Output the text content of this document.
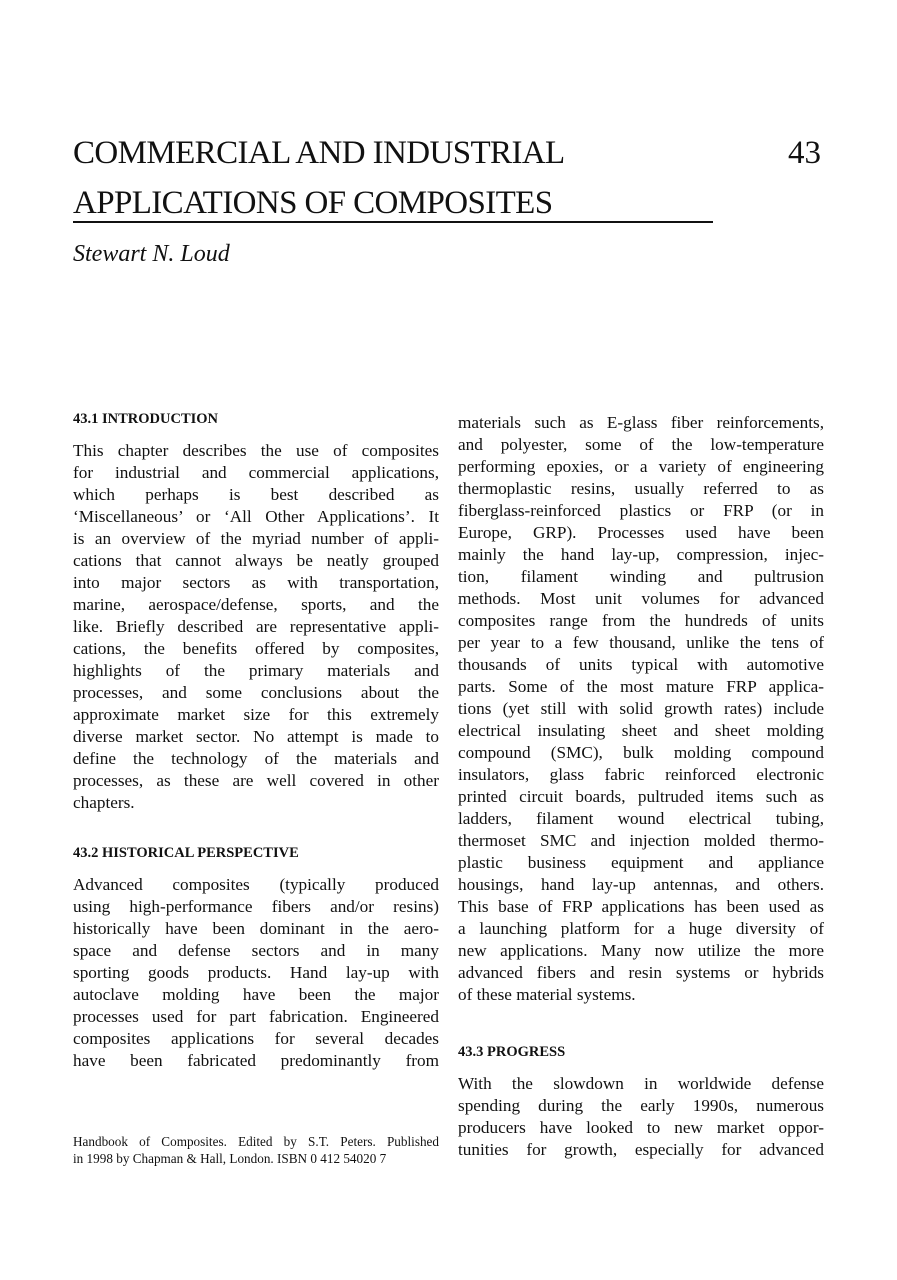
COMMERCIAL AND INDUSTRIAL
APPLICATIONS OF COMPOSITES
43
Stewart N. Loud
43.1 INTRODUCTION
This chapter describes the use of composites
for industrial and commercial applications,
which perhaps is best described as
‘Miscellaneous’ or ‘All Other Applications’. It
is an overview of the myriad number of appli-
cations that cannot always be neatly grouped
into major sectors as with transportation,
marine, aerospace/defense, sports, and the
like. Briefly described are representative appli-
cations, the benefits offered by composites,
highlights of the primary materials and
processes, and some conclusions about the
approximate market size for this extremely
diverse market sector. No attempt is made to
define the technology of the materials and
processes, as these are well covered in other
chapters.
43.2 HISTORICAL PERSPECTIVE
Advanced composites (typically produced
using high-performance fibers and/or resins)
historically have been dominant in the aero-
space and defense sectors and in many
sporting goods products. Hand lay-up with
autoclave molding have been the major
processes used for part fabrication. Engineered
composites applications for several decades
have been fabricated predominantly from
Handbook of Composites. Edited by S.T. Peters. Published
in 1998 by Chapman & Hall, London. ISBN 0 412 54020 7
materials such as E-glass fiber reinforcements,
and polyester, some of the low-temperature
performing epoxies, or a variety of engineering
thermoplastic resins, usually referred to as
fiberglass-reinforced plastics or FRP (or in
Europe, GRP). Processes used have been
mainly the hand lay-up, compression, injec-
tion, filament winding and pultrusion
methods. Most unit volumes for advanced
composites range from the hundreds of units
per year to a few thousand, unlike the tens of
thousands of units typical with automotive
parts. Some of the most mature FRP applica-
tions (yet still with solid growth rates) include
electrical insulating sheet and sheet molding
compound (SMC), bulk molding compound
insulators, glass fabric reinforced electronic
printed circuit boards, pultruded items such as
ladders, filament wound electrical tubing,
thermoset SMC and injection molded thermo-
plastic business equipment and appliance
housings, hand lay-up antennas, and others.
This base of FRP applications has been used as
a launching platform for a huge diversity of
new applications. Many now utilize the more
advanced fibers and resin systems or hybrids
of these material systems.
43.3 PROGRESS
With the slowdown in worldwide defense
spending during the early 1990s, numerous
producers have looked to new market oppor-
tunities for growth, especially for advanced
